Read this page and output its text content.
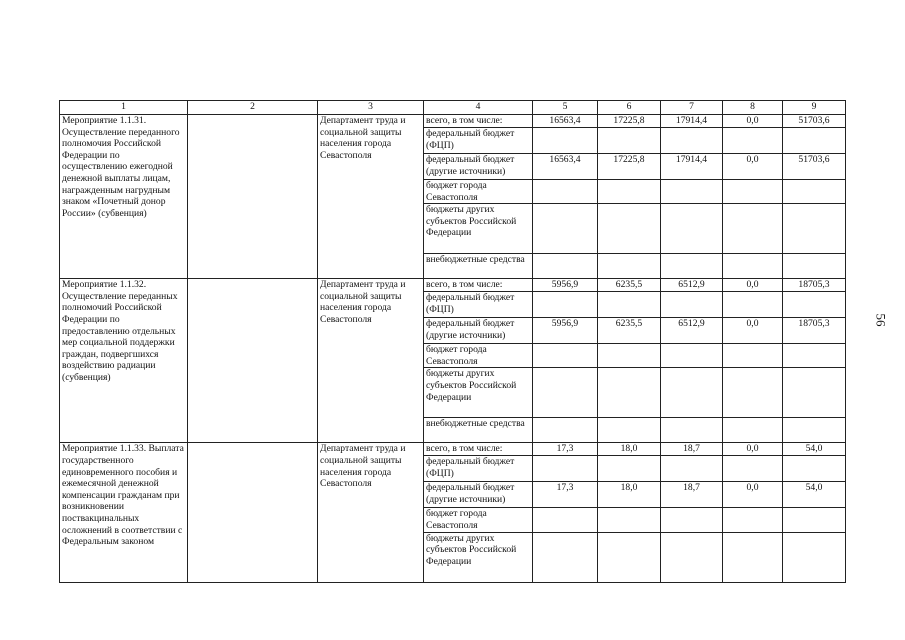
1	2	3	4	5	6	7	8	9
Мероприятие 1.1.31. Осуществление переданного полномочия Российской Федерации по осуществлению ежегодной денежной выплаты лицам, награжденным нагрудным знаком «Почетный донор России» (субвенция)		Департамент труда и социальной защиты населения города Севастополя	всего, в том числе:	16563,4	17225,8	17914,4	0,0	51703,6
			федеральный бюджет (ФЦП)					
			федеральный бюджет (другие источники)	16563,4	17225,8	17914,4	0,0	51703,6
			бюджет города Севастополя					
			бюджеты других субъектов Российской Федерации					
			внебюджетные средства					
Мероприятие 1.1.32. Осуществление переданных полномочий Российской Федерации по предоставлению отдельных мер социальной поддержки граждан, подвергшихся воздействию радиации (субвенция)		Департамент труда и социальной защиты населения города Севастополя	всего, в том числе:	5956,9	6235,5	6512,9	0,0	18705,3
			федеральный бюджет (ФЦП)					
			федеральный бюджет (другие источники)	5956,9	6235,5	6512,9	0,0	18705,3
			бюджет города Севастополя					
			бюджеты других субъектов Российской Федерации					
			внебюджетные средства					
Мероприятие 1.1.33. Выплата государственного единовременного пособия и ежемесячной денежной компенсации гражданам при возникновении поствакцинальных осложнений в соответствии с Федеральным законом		Департамент труда и социальной защиты населения города Севастополя	всего, в том числе:	17,3	18,0	18,7	0,0	54,0
			федеральный бюджет (ФЦП)					
			федеральный бюджет (другие источники)	17,3	18,0	18,7	0,0	54,0
			бюджет города Севастополя					
			бюджеты других субъектов Российской Федерации					
56
